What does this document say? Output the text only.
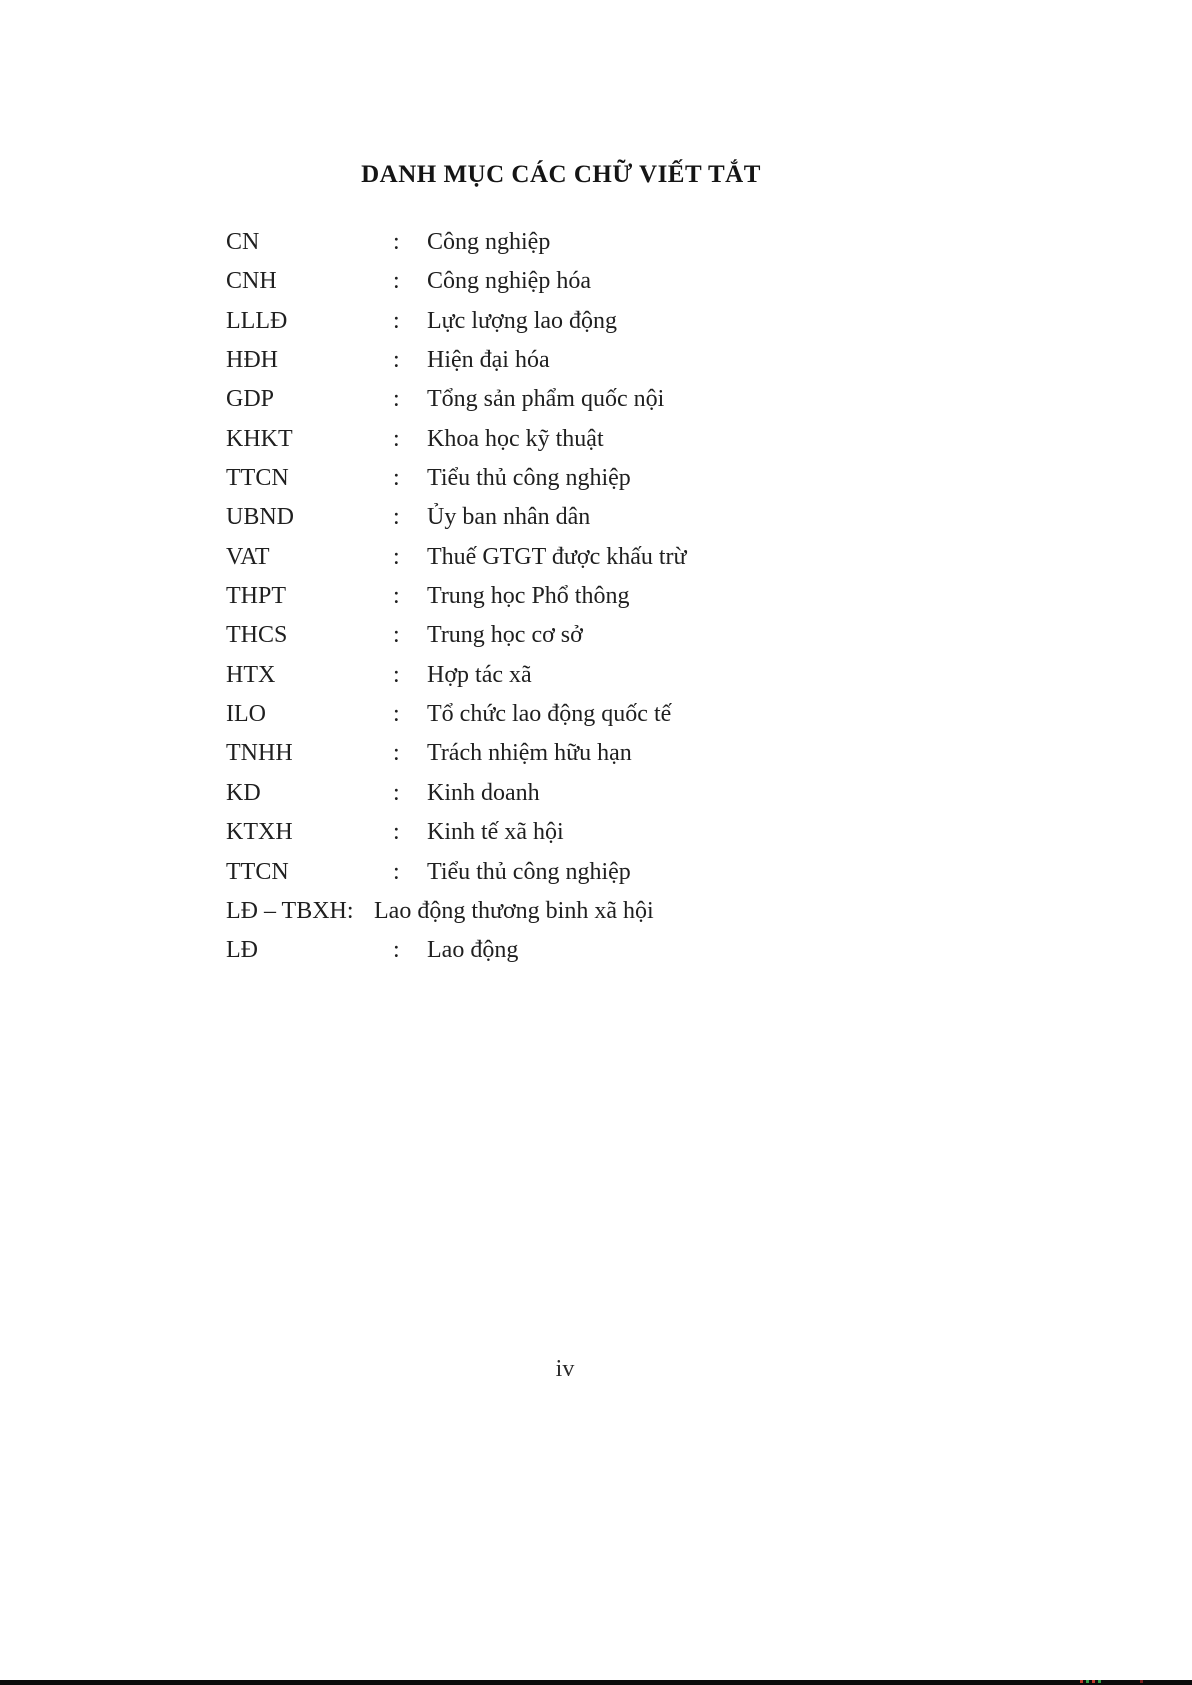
DANH MỤC CÁC CHỮ VIẾT TẮT
CN	:	Công nghiệp
CNH	:	Công nghiệp hóa
LLLĐ	:	Lực lượng lao động
HĐH	:	Hiện đại hóa
GDP	:	Tổng sản phẩm quốc nội
KHKT	:	Khoa học kỹ thuật
TTCN	:	Tiểu thủ công nghiệp
UBND	:	Ủy ban nhân dân
VAT	:	Thuế GTGT được khấu trừ
THPT	:	Trung học Phổ thông
THCS	:	Trung học cơ sở
HTX	:	Hợp tác xã
ILO	:	Tổ chức lao động quốc tế
TNHH	:	Trách nhiệm hữu hạn
KD	:	Kinh doanh
KTXH	:	Kinh tế xã hội
TTCN	:	Tiểu thủ công nghiệp
LĐ – TBXH: Lao động thương binh xã hội
LĐ	:	Lao động
iv
